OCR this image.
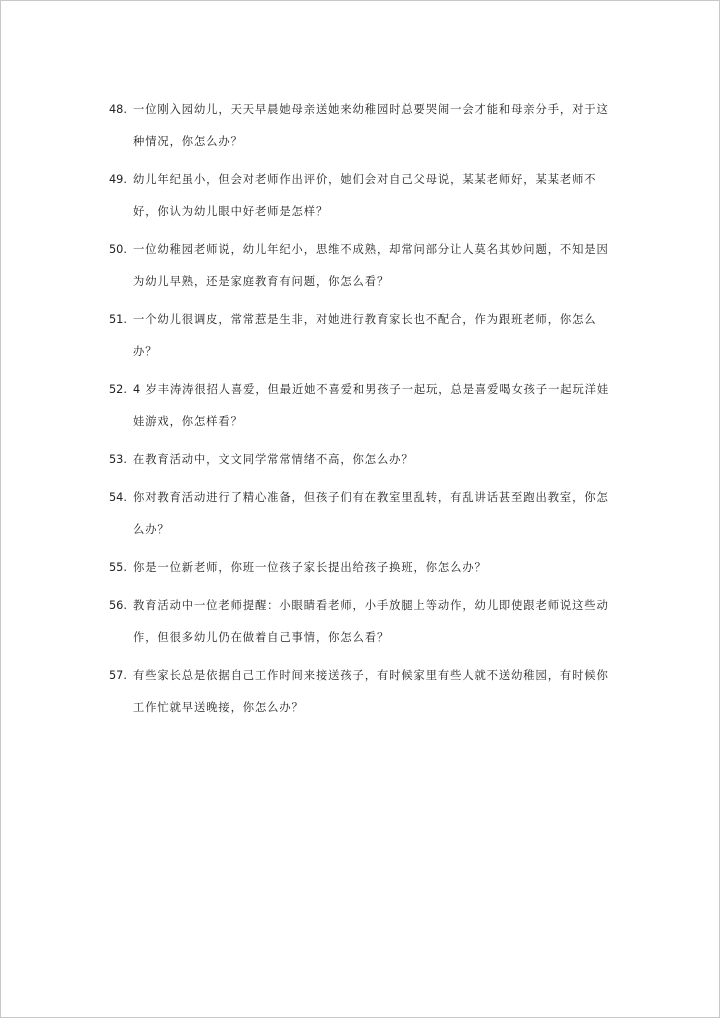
48. 一位刚入园幼儿，天天早晨她母亲送她来幼稚园时总要哭闹一会才能和母亲分手，对于这种情况，你怎么办？
49. 幼儿年纪虽小，但会对老师作出评价，她们会对自己父母说，某某老师好，某某老师不好，你认为幼儿眼中好老师是怎样？
50. 一位幼稚园老师说，幼儿年纪小，思维不成熟，却常问部分让人莫名其妙问题，不知是因为幼儿早熟，还是家庭教育有问题，你怎么看？
51. 一个幼儿很调皮，常常惹是生非，对她进行教育家长也不配合，作为跟班老师，你怎么办？
52. 4 岁丰涛涛很招人喜爱，但最近她不喜爱和男孩子一起玩，总是喜爱喝女孩子一起玩洋娃娃游戏，你怎样看？
53. 在教育活动中，文文同学常常情绪不高，你怎么办？
54. 你对教育活动进行了精心准备，但孩子们有在教室里乱转，有乱讲话甚至跑出教室，你怎么办？
55. 你是一位新老师，你班一位孩子家长提出给孩子换班，你怎么办？
56. 教育活动中一位老师提醒：小眼睛看老师，小手放腿上等动作，幼儿即使跟老师说这些动作，但很多幼儿仍在做着自己事情，你怎么看？
57. 有些家长总是依据自己工作时间来接送孩子，有时候家里有些人就不送幼稚园，有时候你工作忙就早送晚接，你怎么办？
